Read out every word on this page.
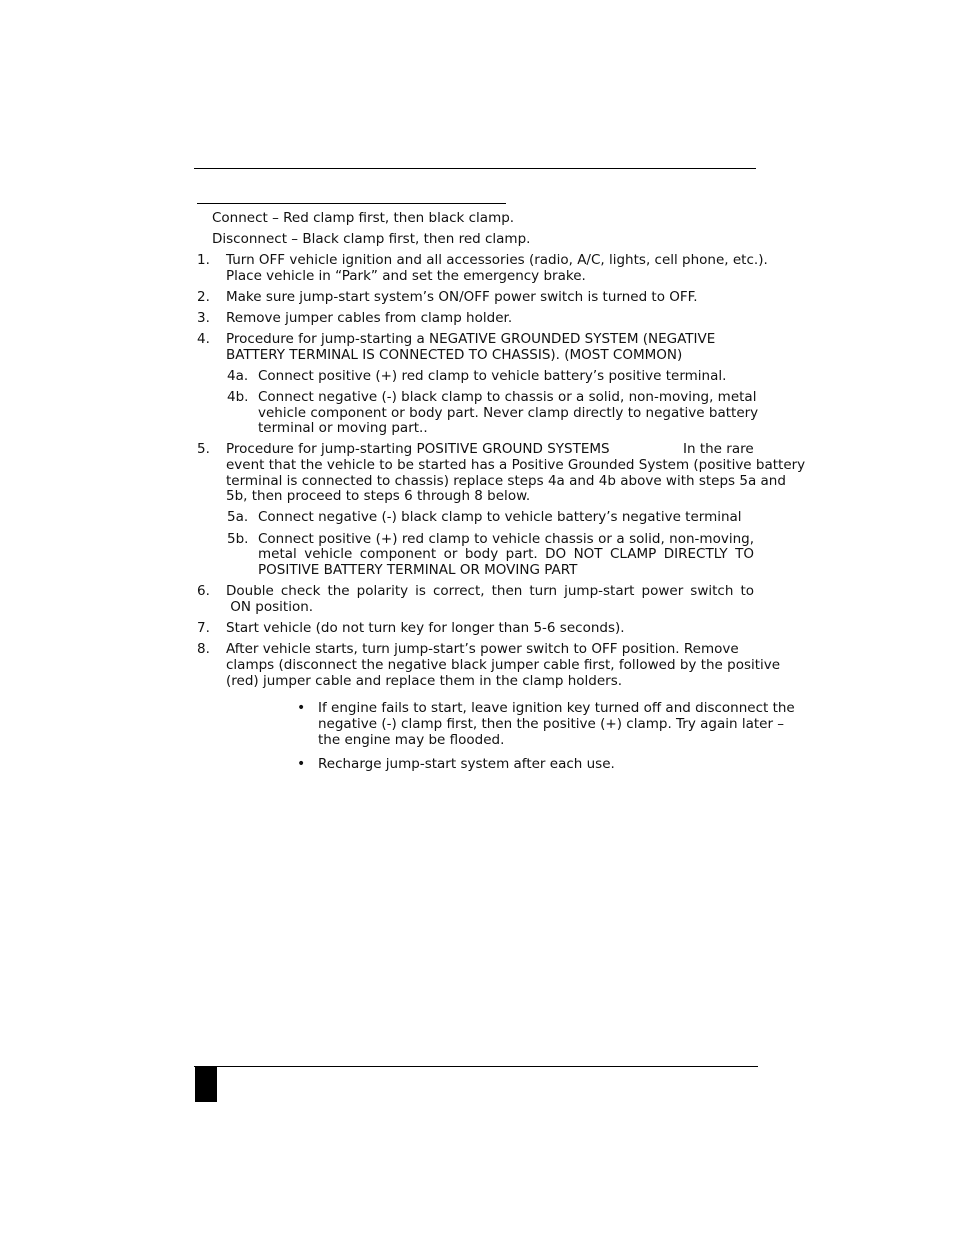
Connect – Red clamp first, then black clamp.
Disconnect – Black clamp first, then red clamp.
1. Turn OFF vehicle ignition and all accessories (radio, A/C, lights, cell phone, etc.).
Place vehicle in “Park” and set the emergency brake.
2. Make sure jump-start system’s ON/OFF power switch is turned to OFF.
3. Remove jumper cables from clamp holder.
4. Procedure for jump-starting a NEGATIVE GROUNDED SYSTEM (NEGATIVE
BATTERY TERMINAL IS CONNECTED TO CHASSIS). (MOST COMMON)
4a. Connect positive (+) red clamp to vehicle battery’s positive terminal.
4b. Connect negative (-) black clamp to chassis or a solid, non-moving, metal
vehicle component or body part. Never clamp directly to negative battery
terminal or moving part..
5. Procedure for jump-starting POSITIVE GROUND SYSTEMS	In the rare
event that the vehicle to be started has a Positive Grounded System (positive battery
terminal is connected to chassis) replace steps 4a and 4b above with steps 5a and
5b, then proceed to steps 6 through 8 below.
5a. Connect negative (-) black clamp to vehicle battery’s negative terminal
5b. Connect positive (+) red clamp to vehicle chassis or a solid, non-moving,
metal vehicle component or body part. DO NOT CLAMP DIRECTLY TO
POSITIVE BATTERY TERMINAL OR MOVING PART
6. Double check the polarity is correct, then turn jump-start power switch to
ON position.
7. Start vehicle (do not turn key for longer than 5-6 seconds).
8. After vehicle starts, turn jump-start’s power switch to OFF position. Remove
clamps (disconnect the negative black jumper cable first, followed by the positive
(red) jumper cable and replace them in the clamp holders.
• If engine fails to start, leave ignition key turned off and disconnect the
negative (-) clamp first, then the positive (+) clamp. Try again later –
the engine may be flooded.
• Recharge jump-start system after each use.
